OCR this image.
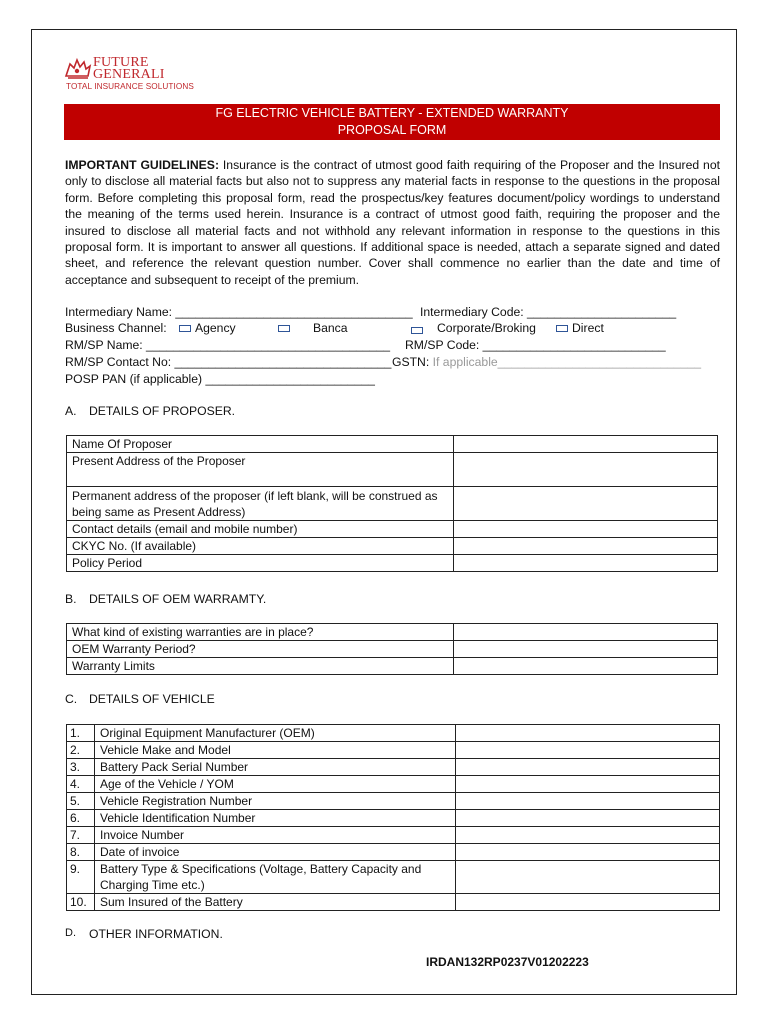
FUTURE
GENERALI
TOTAL INSURANCE SOLUTIONS
FG ELECTRIC VEHICLE BATTERY - EXTENDED WARRANTY
PROPOSAL FORM
IMPORTANT GUIDELINES: Insurance is the contract of utmost good faith requiring of the Proposer and the Insured not only to disclose all material facts but also not to suppress any material facts in response to the questions in the proposal form. Before completing this proposal form, read the prospectus/key features document/policy wordings to understand the meaning of the terms used herein. Insurance is a contract of utmost good faith, requiring the proposer and the insured to disclose all material facts and not withhold any relevant information in response to the questions in this proposal form. It is important to answer all questions. If additional space is needed, attach a separate signed and dated sheet, and reference the relevant question number. Cover shall commence no earlier than the date and time of acceptance and subsequent to receipt of the premium.
Intermediary Name: ___________________________________ Intermediary Code: ______________________
Business Channel:	Agency	Banca	Corporate/Broking	Direct
RM/SP Name: ____________________________________ RM/SP Code: ___________________________
RM/SP Contact No: ________________________________ GSTN: If applicable______________________________
POSP PAN (if applicable) _________________________
A. DETAILS OF PROPOSER.
Name Of Proposer	
Present Address of the Proposer	
Permanent address of the proposer (if left blank, will be construed as being same as Present Address)	
Contact details (email and mobile number)	
CKYC No. (If available)	
Policy Period	
B. DETAILS OF OEM WARRAMTY.
What kind of existing warranties are in place?	
OEM Warranty Period?	
Warranty Limits	
C. DETAILS OF VEHICLE
1.	Original Equipment Manufacturer (OEM)	
2.	Vehicle Make and Model	
3.	Battery Pack Serial Number	
4.	Age of the Vehicle / YOM	
5.	Vehicle Registration Number	
6.	Vehicle Identification Number	
7.	Invoice Number	
8.	Date of invoice	
9.	Battery Type & Specifications (Voltage, Battery Capacity and Charging Time etc.)	
10.	Sum Insured of the Battery	
D. OTHER INFORMATION.
IRDAN132RP0237V01202223
